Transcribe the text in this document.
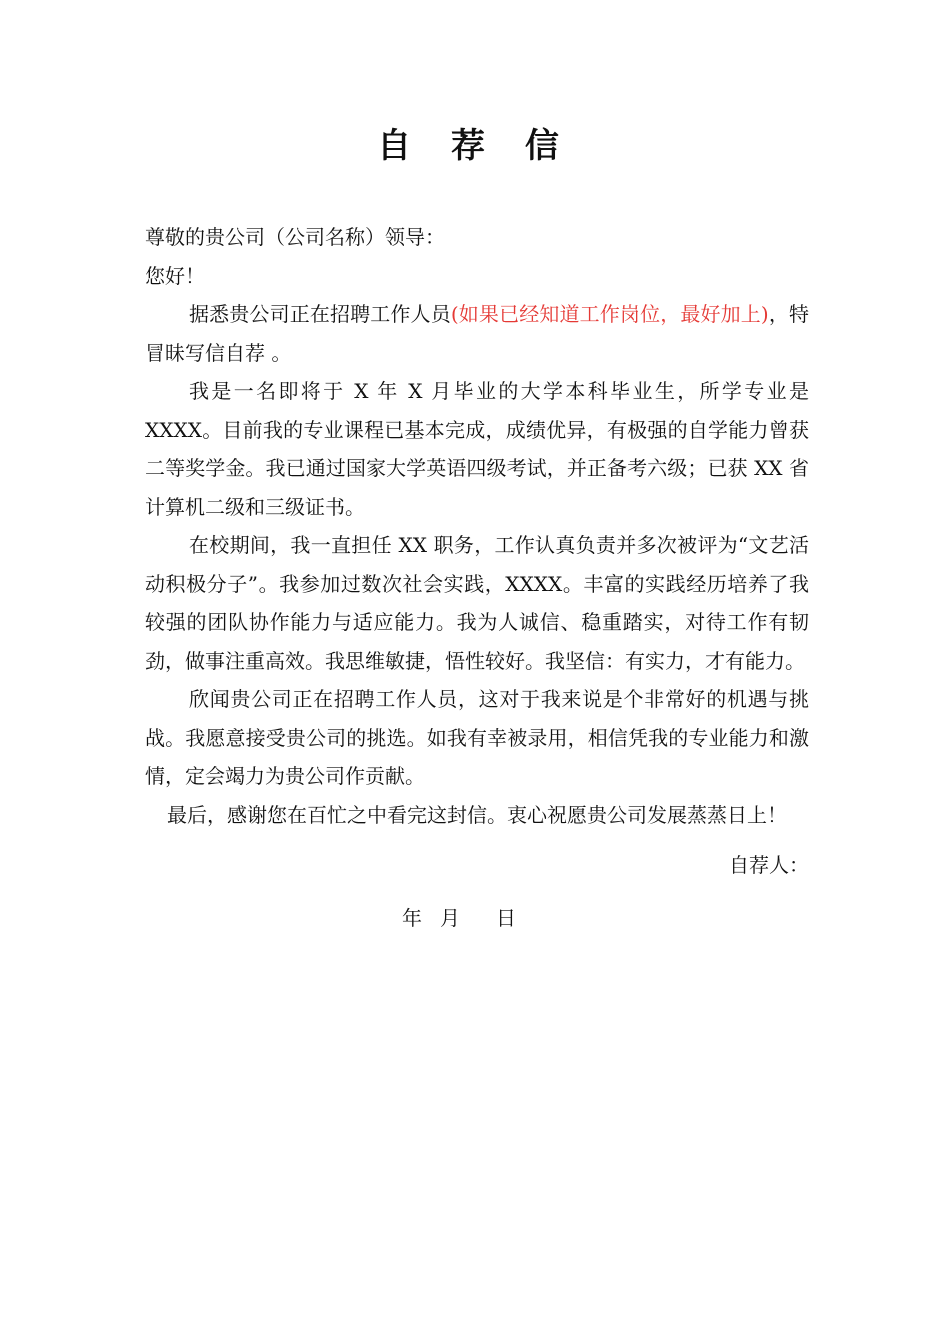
自 荐 信

尊敬的贵公司（公司名称）领导：

您好！

据悉贵公司正在招聘工作人员(如果已经知道工作岗位，最好加上)，特冒昧写信自荐 。

我是一名即将于 X 年 X 月毕业的大学本科毕业生，所学专业是 XXXX。目前我的专业课程已基本完成，成绩优异，有极强的自学能力曾获二等奖学金。我已通过国家大学英语四级考试，并正备考六级；已获 XX 省计算机二级和三级证书。

在校期间，我一直担任 XX 职务，工作认真负责并多次被评为“文艺活动积极分子”。我参加过数次社会实践，XXXX。丰富的实践经历培养了我较强的团队协作能力与适应能力。我为人诚信、稳重踏实，对待工作有韧劲，做事注重高效。我思维敏捷，悟性较好。我坚信：有实力，才有能力。

欣闻贵公司正在招聘工作人员，这对于我来说是个非常好的机遇与挑战。我愿意接受贵公司的挑选。如我有幸被录用，相信凭我的专业能力和激情，定会竭力为贵公司作贡献。

最后，感谢您在百忙之中看完这封信。衷心祝愿贵公司发展蒸蒸日上！

自荐人：

年 月 日
